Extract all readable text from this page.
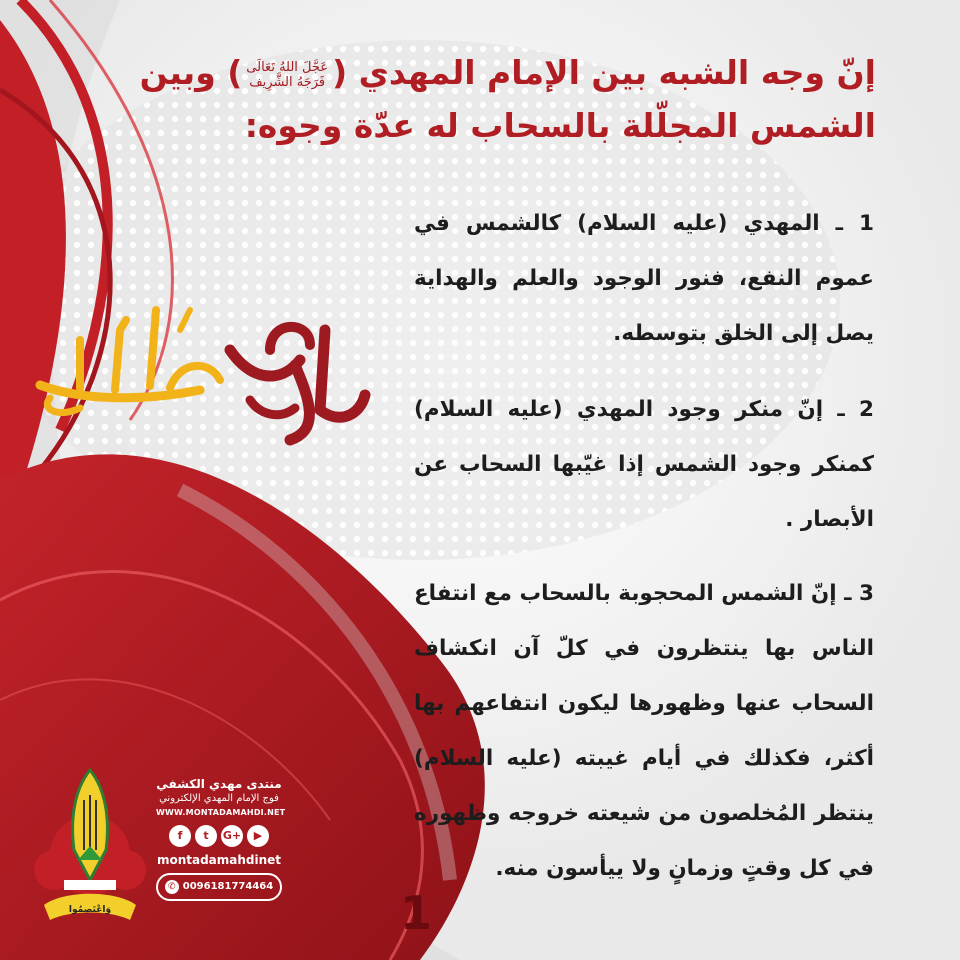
إنّ وجه الشبه بين الإمام المهدي (عَجَّلَ اللهُ تَعَالَى
فَرَجَهُ الشَّرِيف) وبين
الشمس المجلّلة بالسحاب له عدّة وجوه:
1 ـ المهدي (عليه السلام) كالشمس في عموم النفع، فنور الوجود والعلم والهداية يصل إلى الخلق بتوسطه.
2 ـ إنّ منكر وجود المهدي (عليه السلام) كمنكر وجود الشمس إذا غيّبها السحاب عن الأبصار .
3 ـ إنّ الشمس المحجوبة بالسحاب مع انتفاع الناس بها ينتظرون في كلّ آن انكشاف السحاب عنها وظهورها ليكون انتفاعهم بها أكثر، فكذلك في أيام غيبته (عليه السلام) ينتظر المُخلصون من شيعته خروجه وظهوره في كل وقتٍ وزمانٍ ولا ييأسون منه.
1
وَاعْتَصِمُوا
منتدى مهدي الكشفي
فوج الإمام المهدي الإلكتروني
WWW.MONTADAMAHDI.NET
f	t	G+	▶
montadamahdinet
✆ 0096181774464
